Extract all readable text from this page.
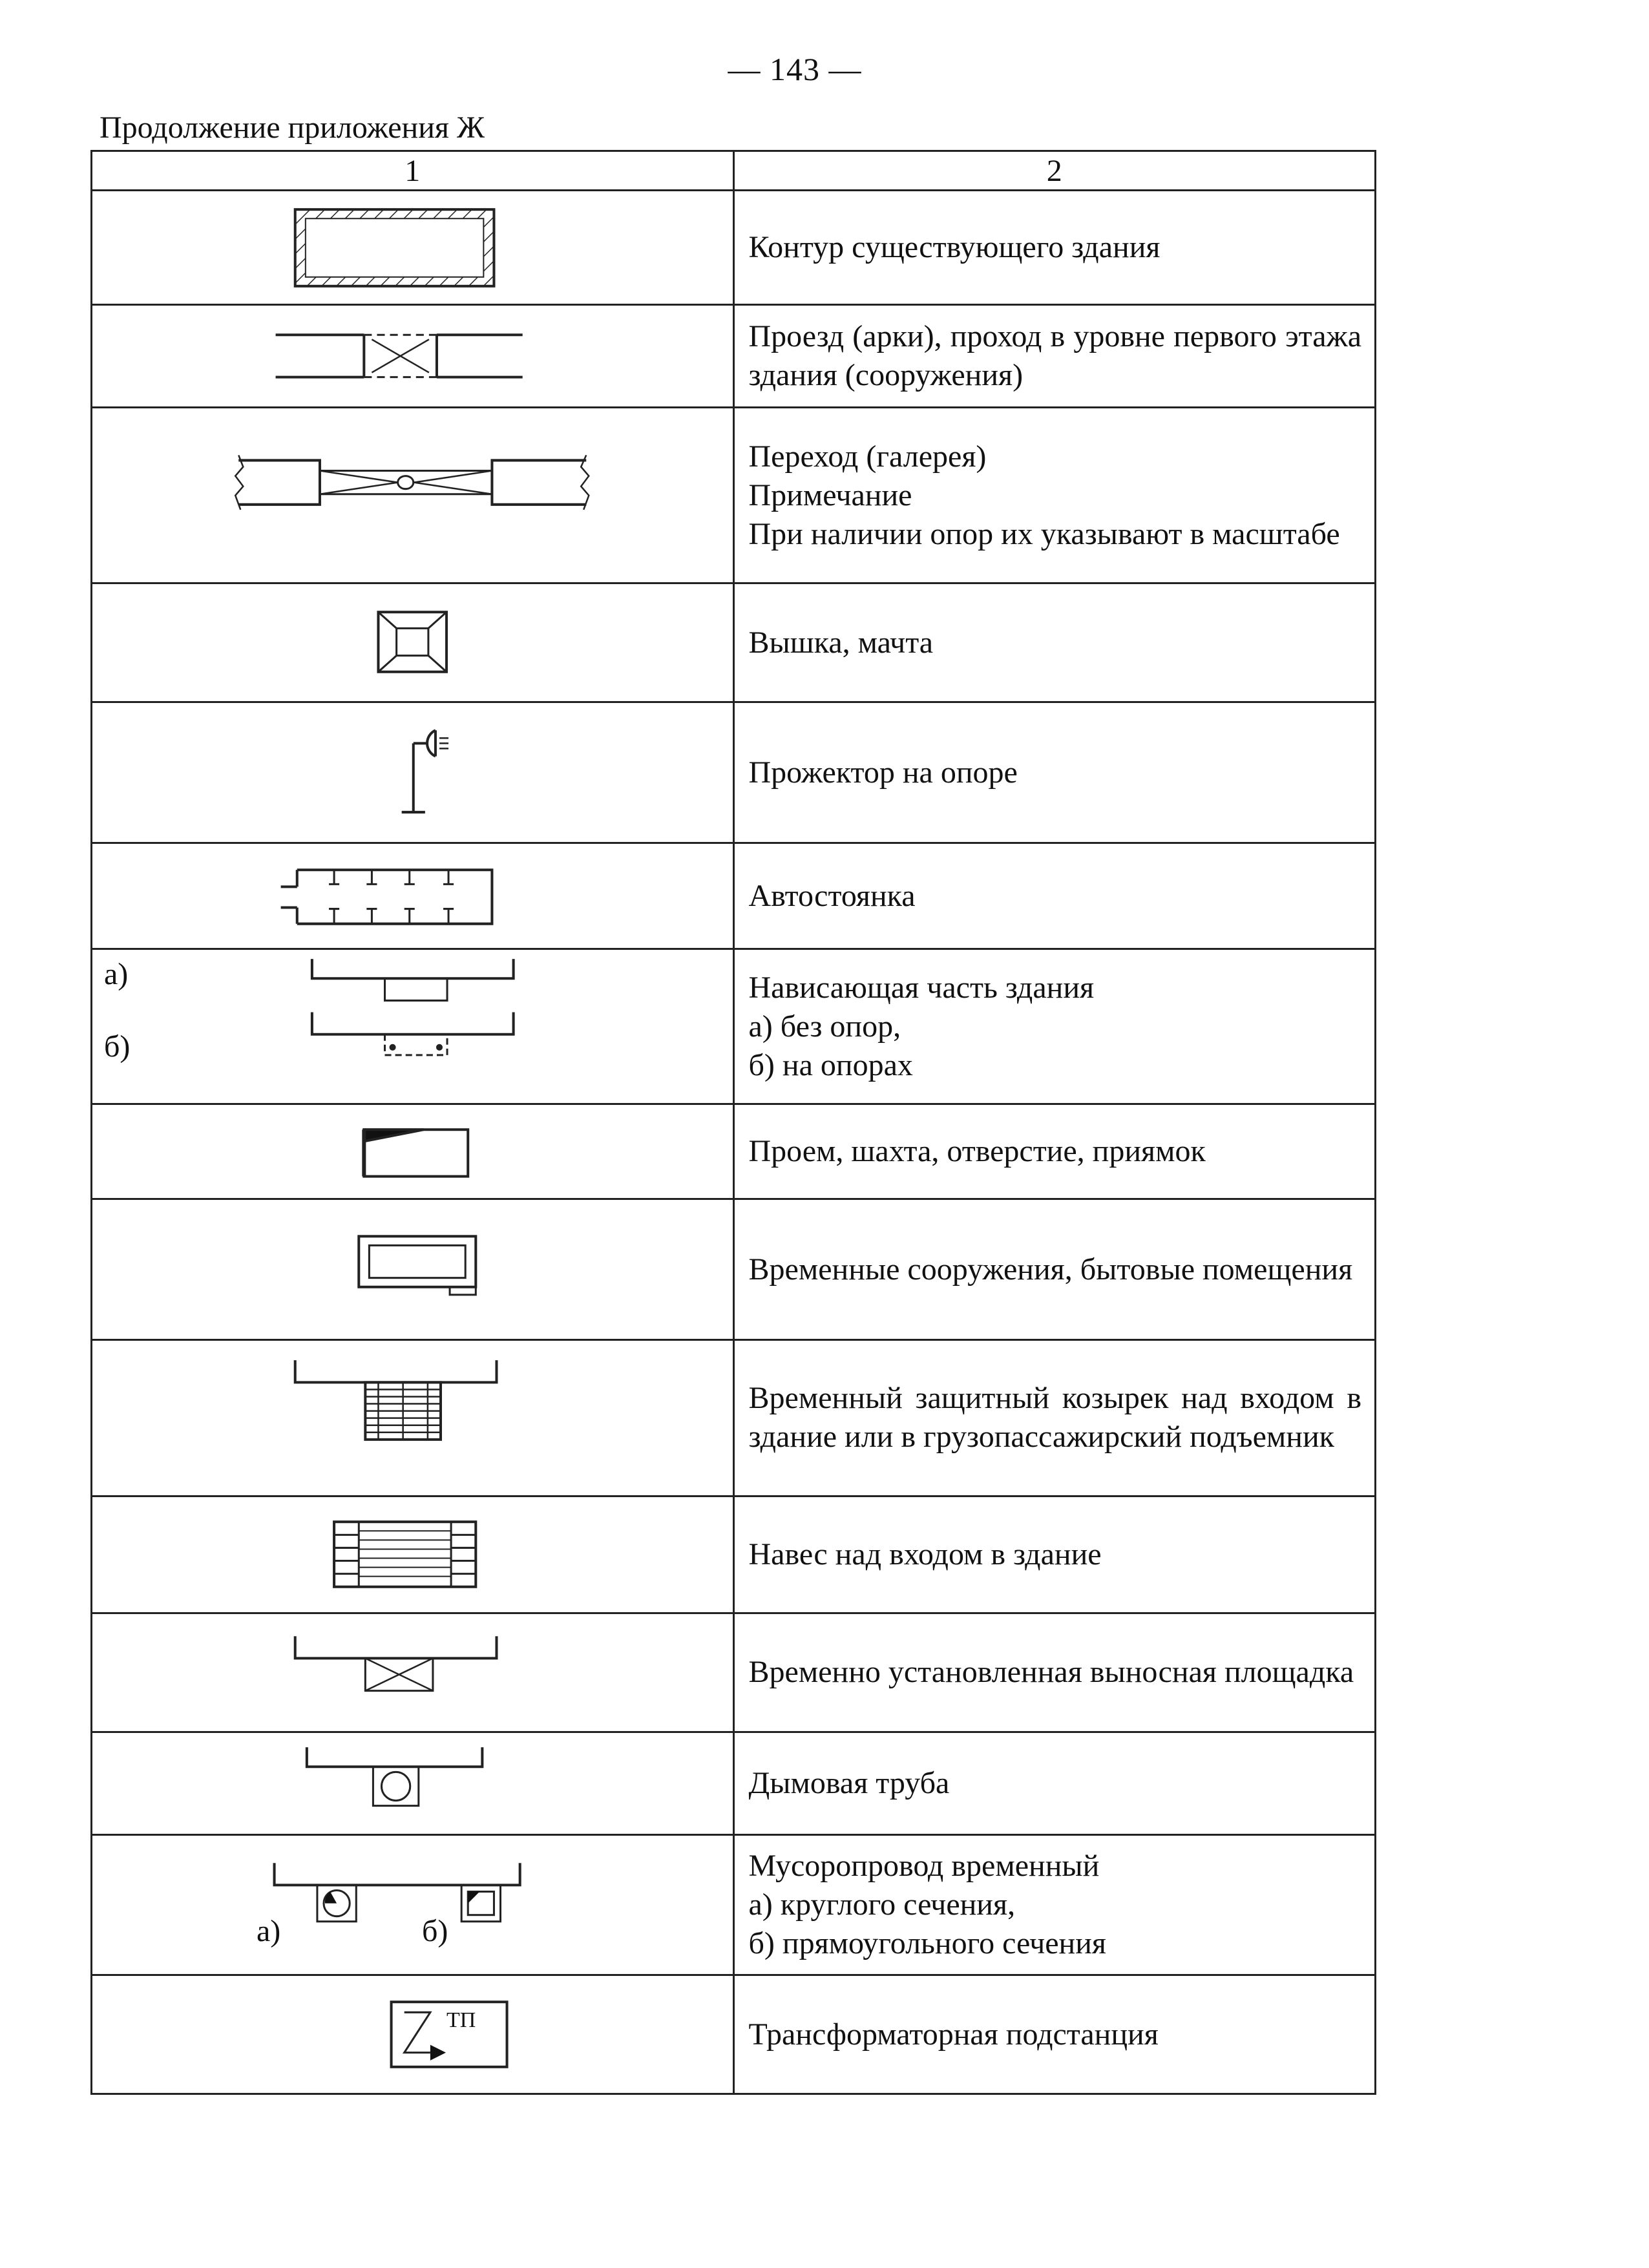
— 143 —
Продолжение приложения Ж
1	2

Контур существующего здания

Проезд (арки), проход в уровне первого этажа здания (сооружения)

Переход (галерея)
Примечание
При наличии опор их указывают в масштабе

Вышка, мачта

Прожектор на опоре

Автостоянка

а)
б)	Нависающая часть здания
а) без опор,
б) на опорах

Проем, шахта, отверстие, приямок

Временные сооружения, бытовые помещения

Временный защитный козырек над входом в здание или в грузопассажирский подъемник

Навес над входом в здание

Временно установленная выносная площадка

Дымовая труба

а) б)	Мусоропровод временный
а) круглого сечения,
б) прямоугольного сечения

ТП	Трансформаторная подстанция
